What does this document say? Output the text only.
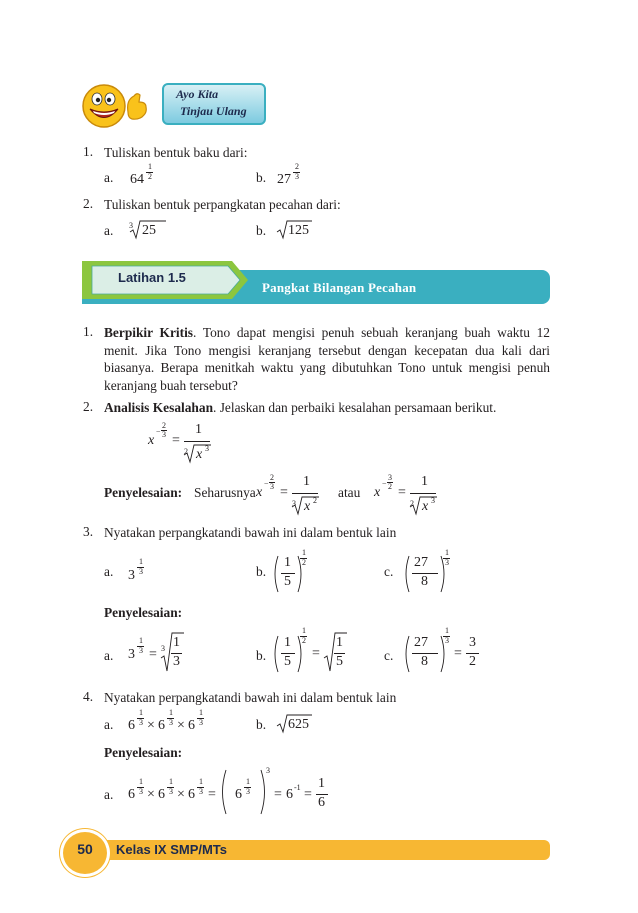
Ayo Kita
Tinjau Ulang
1. Tuliskan bentuk baku dari:
a. 64
1
2	b. 27
2
3
2. Tuliskan bentuk perpangkatan pecahan dari:
a. 3 25	b. 125
Latihan 1.5
Pangkat Bilangan Pecahan
1. Berpikir Kritis. Tono dapat mengisi penuh sebuah keranjang buah waktu 12 menit. Jika Tono mengisi keranjang tersebut dengan kecepatan dua kali dari biasanya. Berapa menitkah waktu yang dibutuhkan Tono untuk mengisi penuh keranjang buah tersebut?
2. Analisis Kesalahan. Jelaskan dan perbaiki kesalahan persamaan berikut.
x
−
2
3 =
1
2 x 3
Penyelesaian: Seharusnya x
−
2
3 =
1
3 x 2
atau x
−
3
2 =
1
2 x 3
3. Nyatakan perpangkatandi bawah ini dalam bentuk lain
a. 3
1
3	b.
1
5
1
2
c.
27
8
1
3
Penyelesaian:
a. 3
1
3 = 3 1
3	b.
1
5
1
2
=
1
5	c.
27
8
1
3
=
3
2
4. Nyatakan perpangkatandi bawah ini dalam bentuk lain
a. 6
1
3 × 6
1
3 × 6
1
3	b. 625
Penyelesaian:
a. 6
1
3 × 6
1
3 × 6
1
3 = 6
1
3
3
= 6 -1 =
1
6
50	Kelas IX SMP/MTs
